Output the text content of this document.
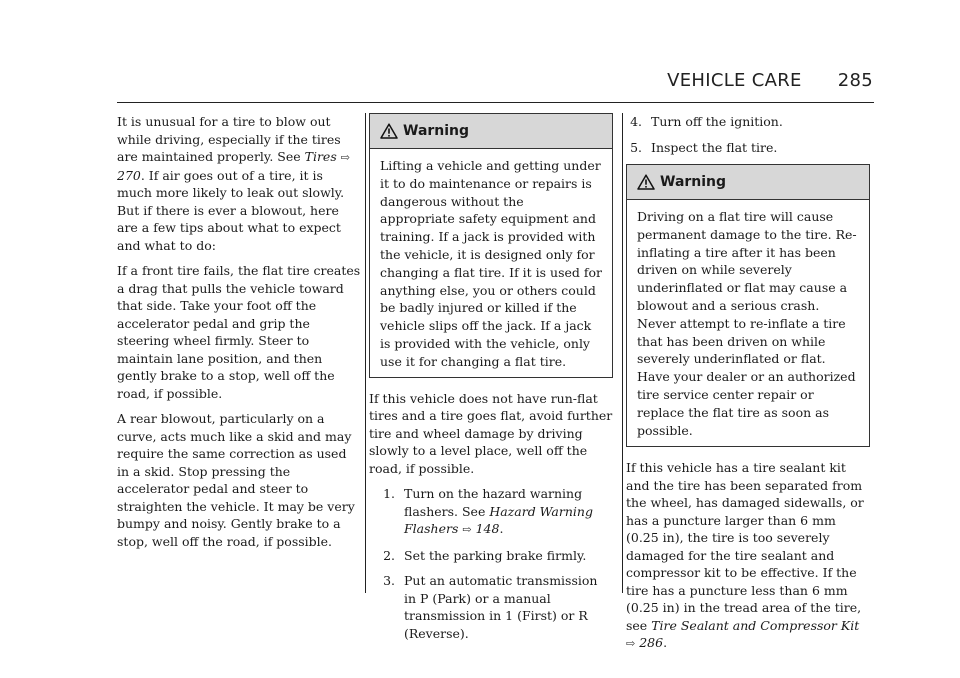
VEHICLE CARE 285

It is unusual for a tire to blow out while driving, especially if the tires are maintained properly. See Tires ⇨ 270. If air goes out of a tire, it is much more likely to leak out slowly. But if there is ever a blowout, here are a few tips about what to expect and what to do:

If a front tire fails, the flat tire creates a drag that pulls the vehicle toward that side. Take your foot off the accelerator pedal and grip the steering wheel firmly. Steer to maintain lane position, and then gently brake to a stop, well off the road, if possible.

A rear blowout, particularly on a curve, acts much like a skid and may require the same correction as used in a skid. Stop pressing the accelerator pedal and steer to straighten the vehicle. It may be very bumpy and noisy. Gently brake to a stop, well off the road, if possible.

Warning
Lifting a vehicle and getting under it to do maintenance or repairs is dangerous without the appropriate safety equipment and training. If a jack is provided with the vehicle, it is designed only for changing a flat tire. If it is used for anything else, you or others could be badly injured or killed if the vehicle slips off the jack. If a jack is provided with the vehicle, only use it for changing a flat tire.

If this vehicle does not have run-flat tires and a tire goes flat, avoid further tire and wheel damage by driving slowly to a level place, well off the road, if possible.

1. Turn on the hazard warning flashers. See Hazard Warning Flashers ⇨ 148.
2. Set the parking brake firmly.
3. Put an automatic transmission in P (Park) or a manual transmission in 1 (First) or R (Reverse).
4. Turn off the ignition.
5. Inspect the flat tire.
Warning
Driving on a flat tire will cause permanent damage to the tire. Re-inflating a tire after it has been driven on while severely underinflated or flat may cause a blowout and a serious crash. Never attempt to re-inflate a tire that has been driven on while severely underinflated or flat. Have your dealer or an authorized tire service center repair or replace the flat tire as soon as possible.

If this vehicle has a tire sealant kit and the tire has been separated from the wheel, has damaged sidewalls, or has a puncture larger than 6 mm (0.25 in), the tire is too severely damaged for the tire sealant and compressor kit to be effective. If the tire has a puncture less than 6 mm (0.25 in) in the tread area of the tire, see Tire Sealant and Compressor Kit ⇨ 286.
